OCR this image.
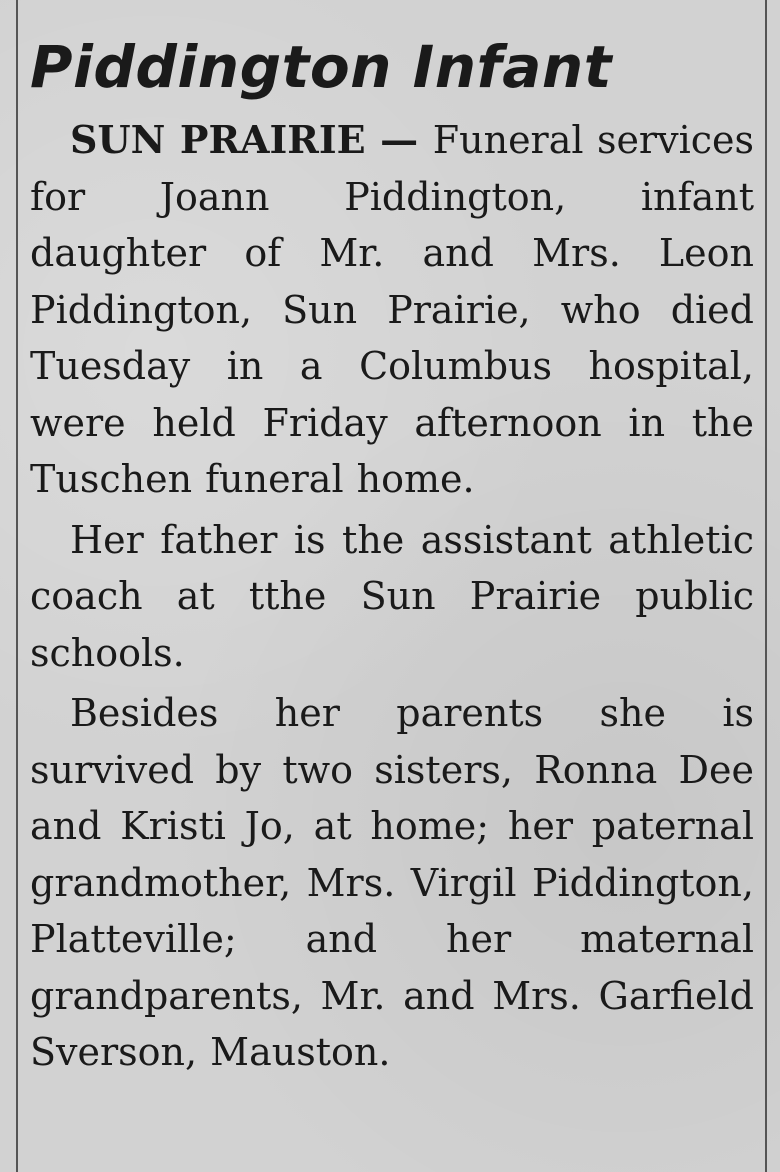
Piddington Infant

SUN PRAIRIE — Funeral services for Joann Piddington, infant daughter of Mr. and Mrs. Leon Piddington, Sun Prairie, who died Tuesday in a Columbus hospital, were held Friday afternoon in the Tuschen funeral home.

Her father is the assistant athletic coach at tthe Sun Prairie public schools.

Besides her parents she is survived by two sisters, Ronna Dee and Kristi Jo, at home; her paternal grandmother, Mrs. Virgil Piddington, Platteville; and her maternal grandparents, Mr. and Mrs. Garfield Sverson, Mauston.
